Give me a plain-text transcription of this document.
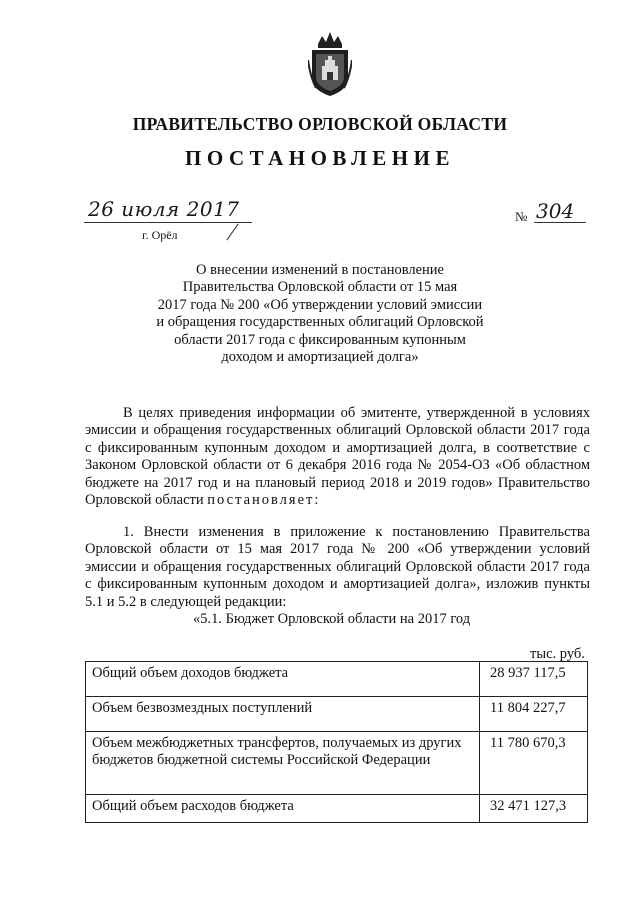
ПРАВИТЕЛЬСТВО ОРЛОВСКОЙ ОБЛАСТИ
ПОСТАНОВЛЕНИЕ
26 июля 2017	№ 304
г. Орёл
О внесении изменений в постановление
Правительства Орловской области от 15 мая
2017 года № 200 «Об утверждении условий эмиссии
и обращения государственных облигаций Орловской
области 2017 года с фиксированным купонным
доходом и амортизацией долга»
В целях приведения информации об эмитенте, утвержденной в условиях эмиссии и обращения государственных облигаций Орловской области 2017 года с фиксированным купонным доходом и амортизацией долга, в соответствие с Законом Орловской области от 6 декабря 2016 года № 2054-ОЗ «Об областном бюджете на 2017 год и на плановый период 2018 и 2019 годов» Правительство Орловской области постановляет:
1. Внести изменения в приложение к постановлению Правительства Орловской области от 15 мая 2017 года № 200 «Об утверждении условий эмиссии и обращения государственных облигаций Орловской области 2017 года с фиксированным купонным доходом и амортизацией долга», изложив пункты 5.1 и 5.2 в следующей редакции:
«5.1. Бюджет Орловской области на 2017 год
тыс. руб.
Общий объем доходов бюджета	28 937 117,5
Объем безвозмездных поступлений	11 804 227,7
Объем межбюджетных трансфертов, получаемых из других бюджетов бюджетной системы Российской Федерации	11 780 670,3
Общий объем расходов бюджета	32 471 127,3
